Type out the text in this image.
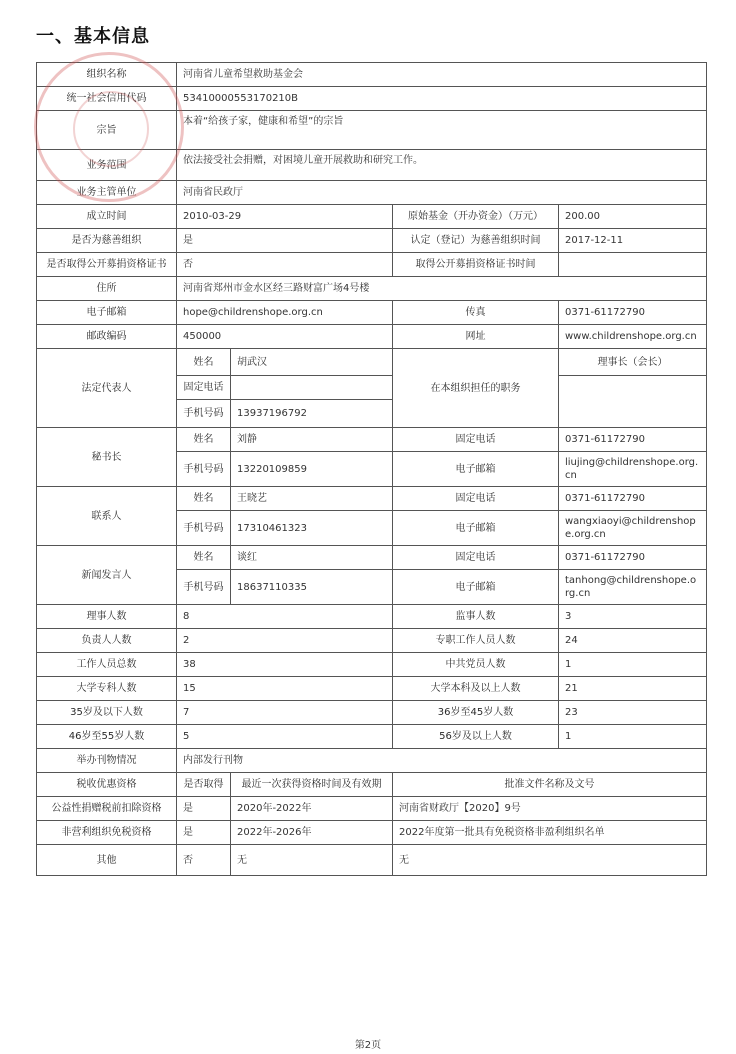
一、基本信息
组织名称	河南省儿童希望救助基金会			
统一社会信用代码	53410000553170210B			
宗旨	本着“给孩子家，健康和希望”的宗旨			
业务范围	依法接受社会捐赠，对困境儿童开展救助和研究工作。			
业务主管单位	河南省民政厅			
成立时间	2010-03-29		原始基金（开办资金）（万元）	200.00
是否为慈善组织	是		认定（登记）为慈善组织时间	2017-12-11
是否取得公开募捐资格证书	否		取得公开募捐资格证书时间	
住所	河南省郑州市金水区经三路财富广场4号楼			
电子邮箱	hope@childrenshope.org.cn		传真	0371-61172790
邮政编码	450000		网址	www.childrenshope.org.cn
法定代表人	姓名	胡武汉	在本组织担任的职务	理事长（会长）
	固定电话			
	手机号码	13937196792		
秘书长	姓名	刘静	固定电话	0371-61172790
	手机号码	13220109859	电子邮箱	liujing@childrenshope.org.cn
联系人	姓名	王晓艺	固定电话	0371-61172790
	手机号码	17310461323	电子邮箱	wangxiaoyi@childrenshope.org.cn
新闻发言人	姓名	谈红	固定电话	0371-61172790
	手机号码	18637110335	电子邮箱	tanhong@childrenshope.org.cn
理事人数	8		监事人数	3
负责人人数	2		专职工作人员人数	24
工作人员总数	38		中共党员人数	1
大学专科人数	15		大学本科及以上人数	21
35岁及以下人数	7		36岁至45岁人数	23
46岁至55岁人数	5		56岁及以上人数	1
举办刊物情况	内部发行刊物			
税收优惠资格	是否取得	最近一次获得资格时间及有效期	批准文件名称及文号	
公益性捐赠税前扣除资格	是	2020年-2022年	河南省财政厅【2020】9号	
非营利组织免税资格	是	2022年-2026年	2022年度第一批具有免税资格非盈利组织名单	
其他	否	无	无	
第2页
